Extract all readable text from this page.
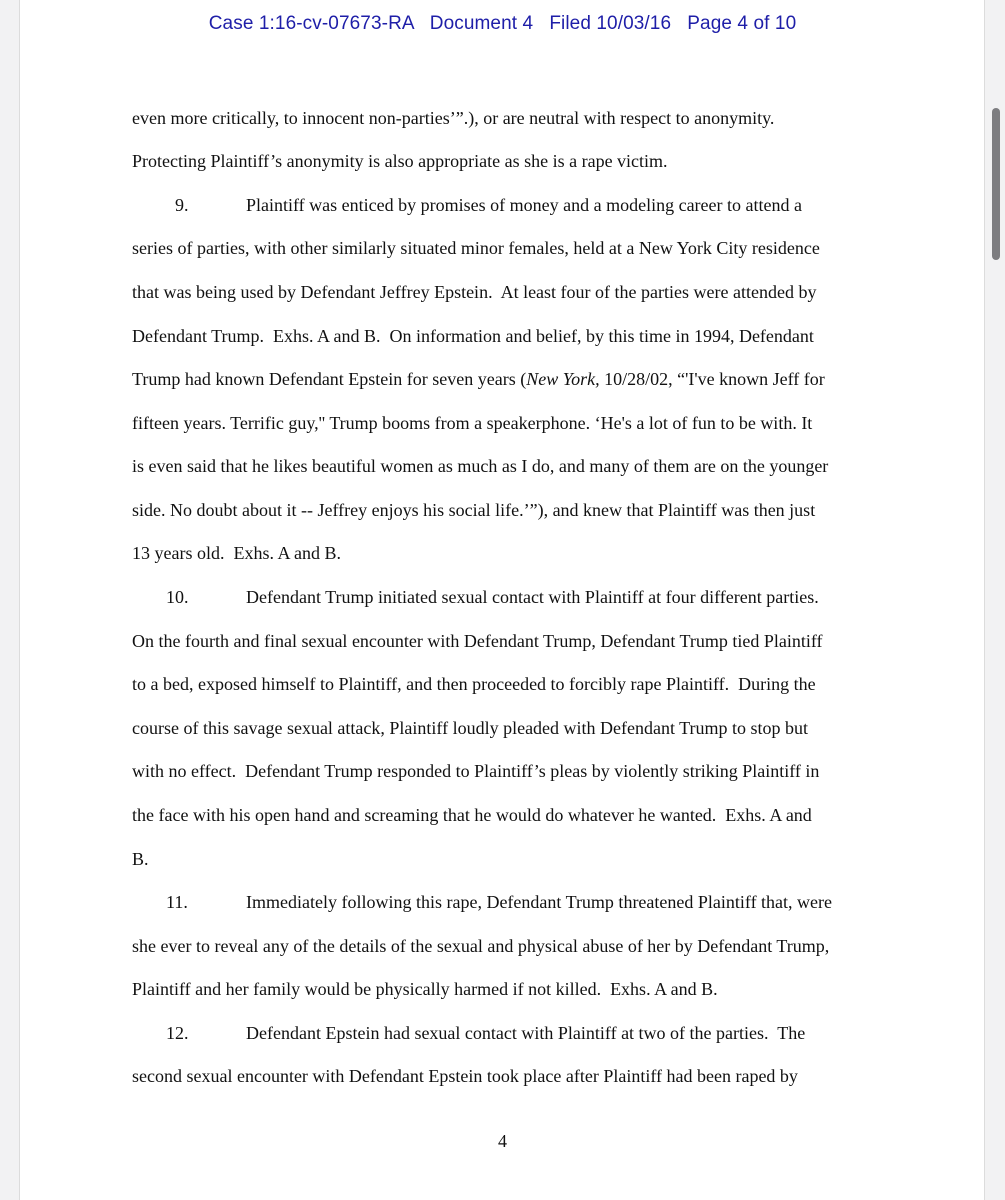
Case 1:16-cv-07673-RA   Document 4   Filed 10/03/16   Page 4 of 10
even more critically, to innocent non-parties’”.), or are neutral with respect to anonymity.
Protecting Plaintiff’s anonymity is also appropriate as she is a rape victim.
9.	Plaintiff was enticed by promises of money and a modeling career to attend a
series of parties, with other similarly situated minor females, held at a New York City residence
that was being used by Defendant Jeffrey Epstein.  At least four of the parties were attended by
Defendant Trump.  Exhs. A and B.  On information and belief, by this time in 1994, Defendant
Trump had known Defendant Epstein for seven years (New York, 10/28/02, “'I've known Jeff for
fifteen years. Terrific guy,'' Trump booms from a speakerphone. ‘He's a lot of fun to be with. It
is even said that he likes beautiful women as much as I do, and many of them are on the younger
side. No doubt about it -- Jeffrey enjoys his social life.’”), and knew that Plaintiff was then just
13 years old.  Exhs. A and B.
10.	Defendant Trump initiated sexual contact with Plaintiff at four different parties.
On the fourth and final sexual encounter with Defendant Trump, Defendant Trump tied Plaintiff
to a bed, exposed himself to Plaintiff, and then proceeded to forcibly rape Plaintiff.  During the
course of this savage sexual attack, Plaintiff loudly pleaded with Defendant Trump to stop but
with no effect.  Defendant Trump responded to Plaintiff’s pleas by violently striking Plaintiff in
the face with his open hand and screaming that he would do whatever he wanted.  Exhs. A and
B.
11.	Immediately following this rape, Defendant Trump threatened Plaintiff that, were
she ever to reveal any of the details of the sexual and physical abuse of her by Defendant Trump,
Plaintiff and her family would be physically harmed if not killed.  Exhs. A and B.
12.	Defendant Epstein had sexual contact with Plaintiff at two of the parties.  The
second sexual encounter with Defendant Epstein took place after Plaintiff had been raped by
4
